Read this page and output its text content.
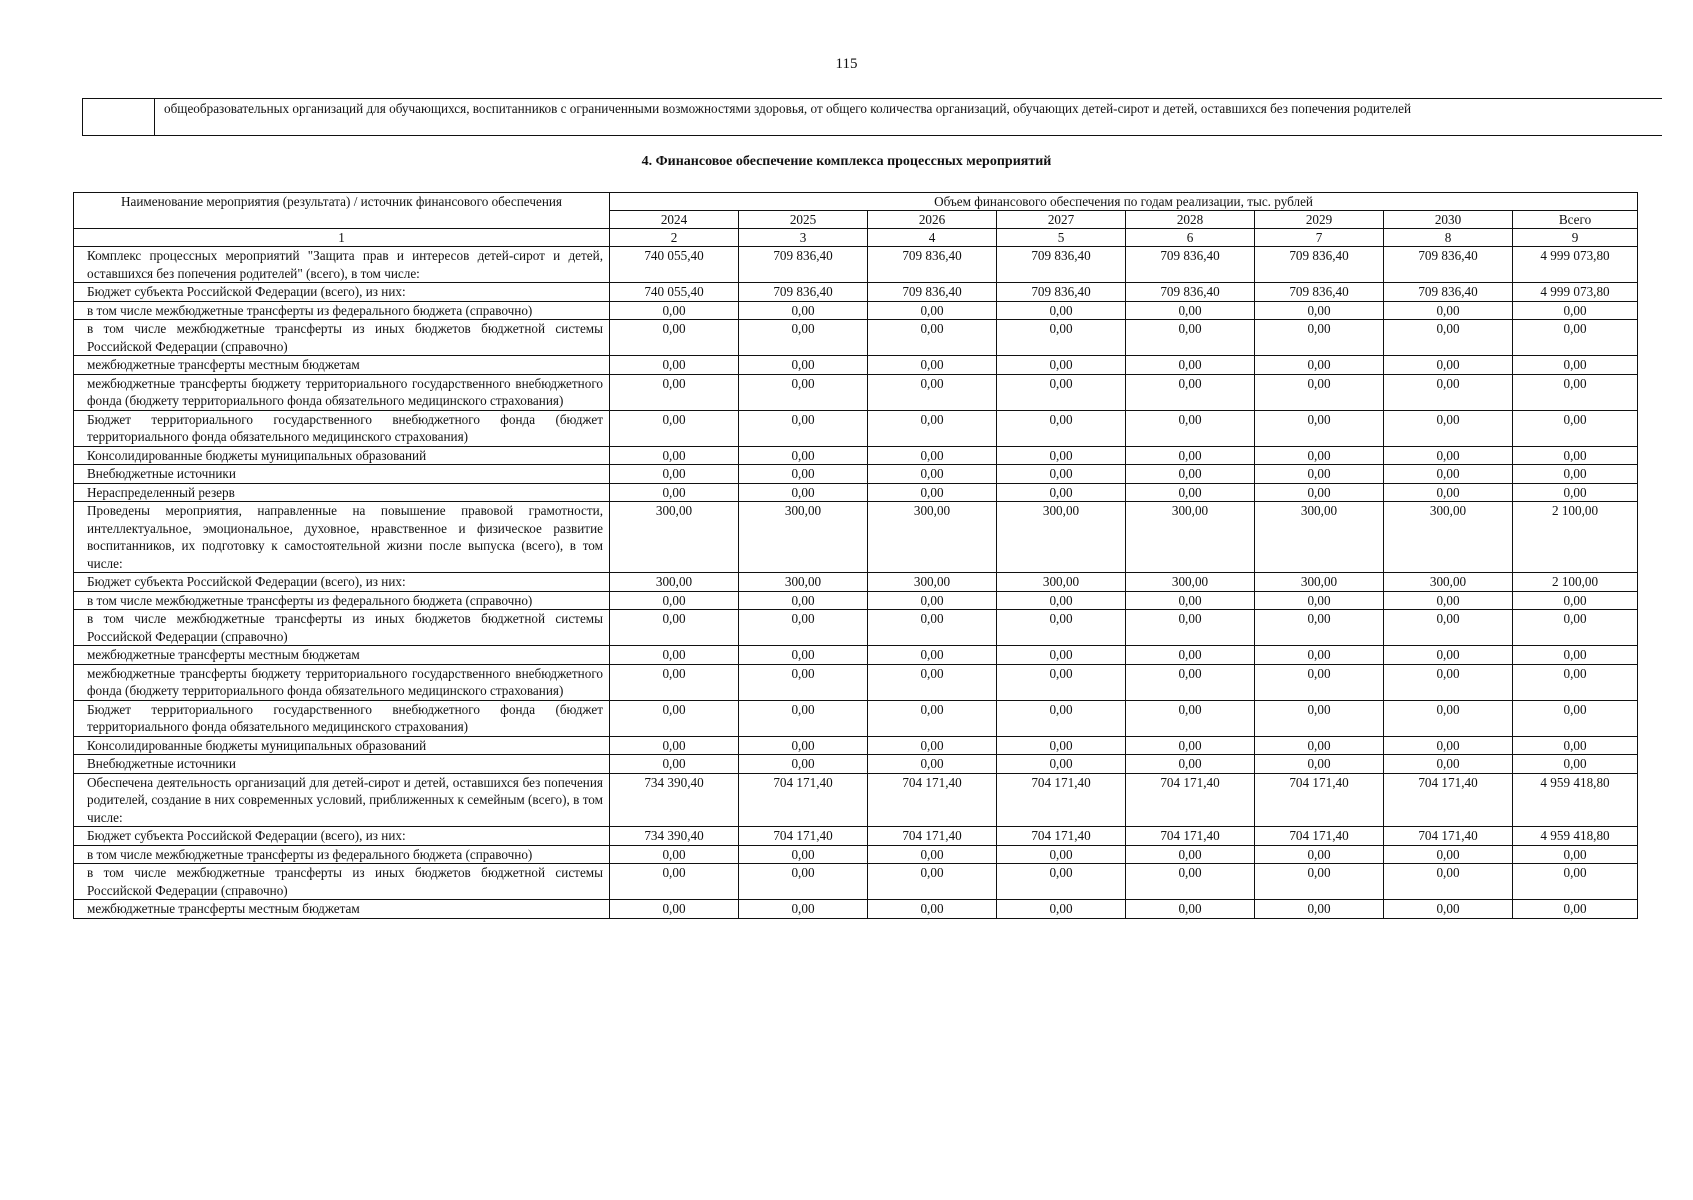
115
общеобразовательных организаций для обучающихся, воспитанников с ограниченными возможностями здоровья, от общего количества организаций, обучающих детей-сирот и детей, оставшихся без попечения родителей
4. Финансовое обеспечение комплекса процессных мероприятий
Наименование мероприятия (результата) / источник финансового обеспечения	Объем финансового обеспечения по годам реализации, тыс. рублей							
	2024	2025	2026	2027	2028	2029	2030	Всего
1	2	3	4	5	6	7	8	9
Комплекс процессных мероприятий "Защита прав и интересов детей-сирот и детей, оставшихся без попечения родителей" (всего), в том числе:	740 055,40	709 836,40	709 836,40	709 836,40	709 836,40	709 836,40	709 836,40	4 999 073,80
Бюджет субъекта Российской Федерации (всего), из них:	740 055,40	709 836,40	709 836,40	709 836,40	709 836,40	709 836,40	709 836,40	4 999 073,80
в том числе межбюджетные трансферты из федерального бюджета (справочно)	0,00	0,00	0,00	0,00	0,00	0,00	0,00	0,00
в том числе межбюджетные трансферты из иных бюджетов бюджетной системы Российской Федерации (справочно)	0,00	0,00	0,00	0,00	0,00	0,00	0,00	0,00
межбюджетные трансферты местным бюджетам	0,00	0,00	0,00	0,00	0,00	0,00	0,00	0,00
межбюджетные трансферты бюджету территориального государственного внебюджетного фонда (бюджету территориального фонда обязательного медицинского страхования)	0,00	0,00	0,00	0,00	0,00	0,00	0,00	0,00
Бюджет территориального государственного внебюджетного фонда (бюджет территориального фонда обязательного медицинского страхования)	0,00	0,00	0,00	0,00	0,00	0,00	0,00	0,00
Консолидированные бюджеты муниципальных образований	0,00	0,00	0,00	0,00	0,00	0,00	0,00	0,00
Внебюджетные источники	0,00	0,00	0,00	0,00	0,00	0,00	0,00	0,00
Нераспределенный резерв	0,00	0,00	0,00	0,00	0,00	0,00	0,00	0,00
Проведены мероприятия, направленные на повышение правовой грамотности, интеллектуальное, эмоциональное, духовное, нравственное и физическое развитие воспитанников, их подготовку к самостоятельной жизни после выпуска (всего), в том числе:	300,00	300,00	300,00	300,00	300,00	300,00	300,00	2 100,00
Бюджет субъекта Российской Федерации (всего), из них:	300,00	300,00	300,00	300,00	300,00	300,00	300,00	2 100,00
в том числе межбюджетные трансферты из федерального бюджета (справочно)	0,00	0,00	0,00	0,00	0,00	0,00	0,00	0,00
в том числе межбюджетные трансферты из иных бюджетов бюджетной системы Российской Федерации (справочно)	0,00	0,00	0,00	0,00	0,00	0,00	0,00	0,00
межбюджетные трансферты местным бюджетам	0,00	0,00	0,00	0,00	0,00	0,00	0,00	0,00
межбюджетные трансферты бюджету территориального государственного внебюджетного фонда (бюджету территориального фонда обязательного медицинского страхования)	0,00	0,00	0,00	0,00	0,00	0,00	0,00	0,00
Бюджет территориального государственного внебюджетного фонда (бюджет территориального фонда обязательного медицинского страхования)	0,00	0,00	0,00	0,00	0,00	0,00	0,00	0,00
Консолидированные бюджеты муниципальных образований	0,00	0,00	0,00	0,00	0,00	0,00	0,00	0,00
Внебюджетные источники	0,00	0,00	0,00	0,00	0,00	0,00	0,00	0,00
Обеспечена деятельность организаций для детей-сирот и детей, оставшихся без попечения родителей, создание в них современных условий, приближенных к семейным (всего), в том числе:	734 390,40	704 171,40	704 171,40	704 171,40	704 171,40	704 171,40	704 171,40	4 959 418,80
Бюджет субъекта Российской Федерации (всего), из них:	734 390,40	704 171,40	704 171,40	704 171,40	704 171,40	704 171,40	704 171,40	4 959 418,80
в том числе межбюджетные трансферты из федерального бюджета (справочно)	0,00	0,00	0,00	0,00	0,00	0,00	0,00	0,00
в том числе межбюджетные трансферты из иных бюджетов бюджетной системы Российской Федерации (справочно)	0,00	0,00	0,00	0,00	0,00	0,00	0,00	0,00
межбюджетные трансферты местным бюджетам	0,00	0,00	0,00	0,00	0,00	0,00	0,00	0,00
